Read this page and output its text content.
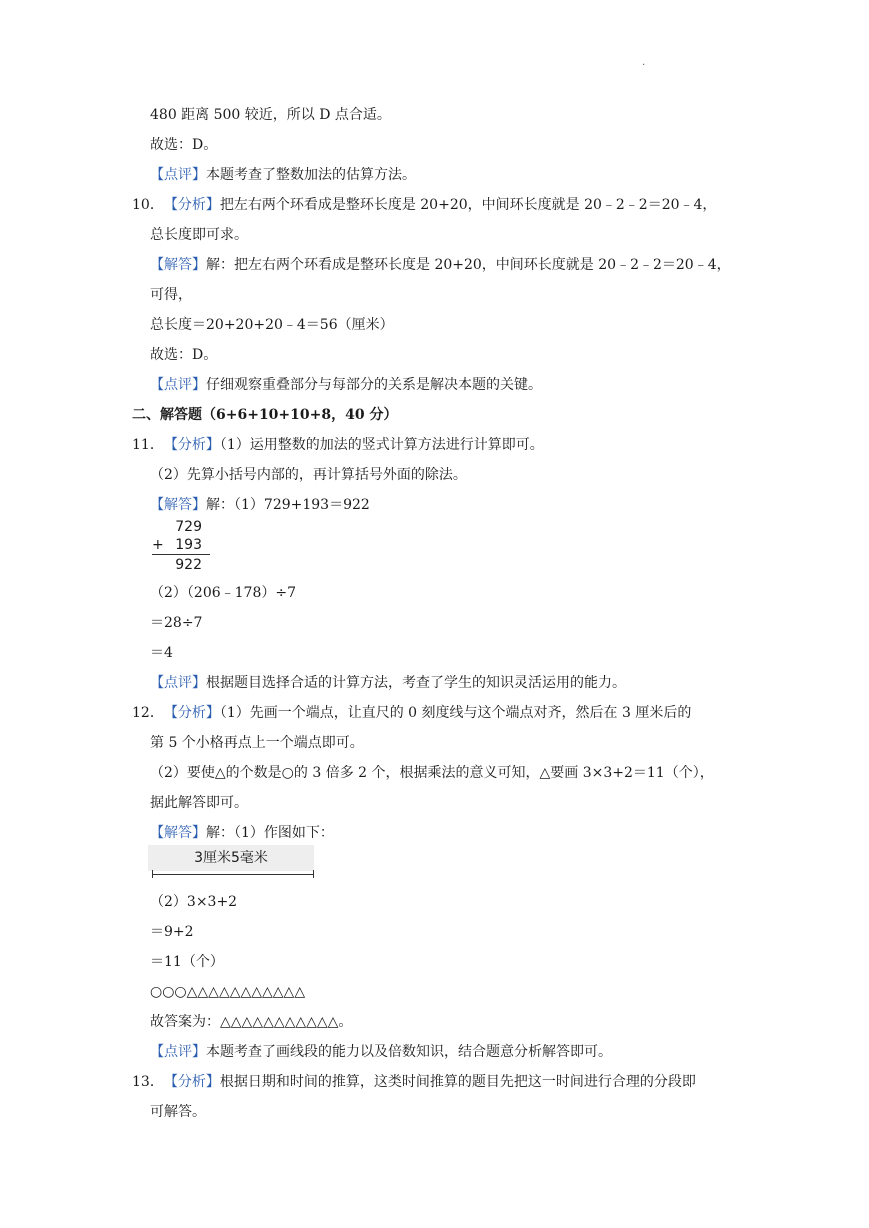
.
480 距离 500 较近，所以 D 点合适。
故选：D。
【点评】本题考查了整数加法的估算方法。
10．【分析】把左右两个环看成是整环长度是 20+20，中间环长度就是 20﹣2﹣2＝20﹣4，
总长度即可求。
【解答】解：把左右两个环看成是整环长度是 20+20，中间环长度就是 20﹣2﹣2＝20﹣4，
可得，
总长度＝20+20+20﹣4＝56（厘米）
故选：D。
【点评】仔细观察重叠部分与每部分的关系是解决本题的关键。
二、解答题（6+6+10+10+8，40 分）
11．【分析】（1）运用整数的加法的竖式计算方法进行计算即可。
（2）先算小括号内部的，再计算括号外面的除法。
【解答】解：（1）729+193＝922
729
+ 193
922
（2）（206﹣178）÷7
＝28÷7
＝4
【点评】根据题目选择合适的计算方法，考查了学生的知识灵活运用的能力。
12．【分析】（1）先画一个端点，让直尺的 0 刻度线与这个端点对齐，然后在 3 厘米后的
第 5 个小格再点上一个端点即可。
（2）要使△的个数是○的 3 倍多 2 个，根据乘法的意义可知，△要画 3×3+2＝11（个），
据此解答即可。
【解答】解：（1）作图如下：
3厘米5毫米
（2）3×3+2
＝9+2
＝11（个）
○○○△△△△△△△△△△△
故答案为：△△△△△△△△△△△。
【点评】本题考查了画线段的能力以及倍数知识，结合题意分析解答即可。
13．【分析】根据日期和时间的推算，这类时间推算的题目先把这一时间进行合理的分段即
可解答。
